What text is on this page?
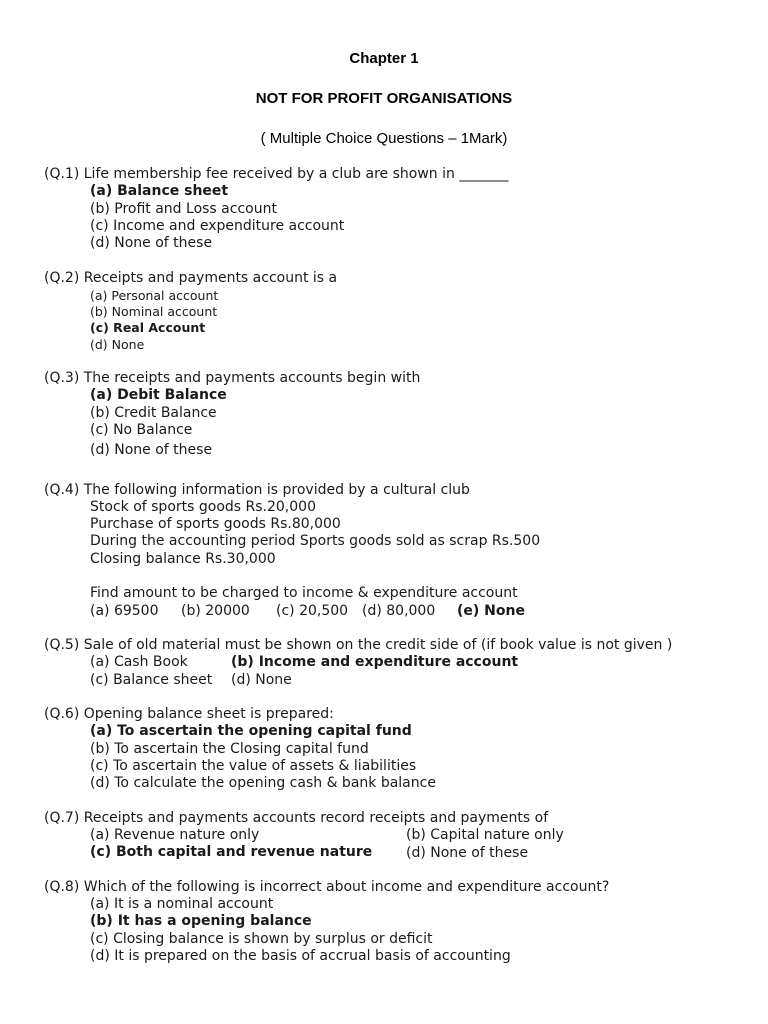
Chapter 1
NOT FOR PROFIT ORGANISATIONS
( Multiple Choice Questions – 1Mark)
(Q.1) Life membership fee received by a club are shown in _______
(a) Balance sheet
(b) Profit and Loss account
(c) Income and expenditure account
(d) None of these
(Q.2) Receipts and payments account is a
(a) Personal account
(b) Nominal account
(c) Real Account
(d) None
(Q.3) The receipts and payments accounts begin with
(a) Debit Balance
(b) Credit Balance
(c) No Balance
(d) None of these
(Q.4) The following information is provided by a cultural club
Stock of sports goods Rs.20,000
Purchase of sports goods Rs.80,000
During the accounting period Sports goods sold as scrap Rs.500
Closing balance Rs.30,000
Find amount to be charged to income & expenditure account
(a) 69500 (b) 20000 (c) 20,500 (d) 80,000 (e) None
(Q.5) Sale of old material must be shown on the credit side of (if book value is not given )
(a) Cash Book	(b) Income and expenditure account
(c) Balance sheet (d) None
(Q.6) Opening balance sheet is prepared:
(a) To ascertain the opening capital fund
(b) To ascertain the Closing capital fund
(c) To ascertain the value of assets & liabilities
(d) To calculate the opening cash & bank balance
(Q.7) Receipts and payments accounts record receipts and payments of
(a) Revenue nature only	(b) Capital nature only
(c) Both capital and revenue nature (d) None of these
(Q.8) Which of the following is incorrect about income and expenditure account?
(a) It is a nominal account
(b) It has a opening balance
(c) Closing balance is shown by surplus or deficit
(d) It is prepared on the basis of accrual basis of accounting
